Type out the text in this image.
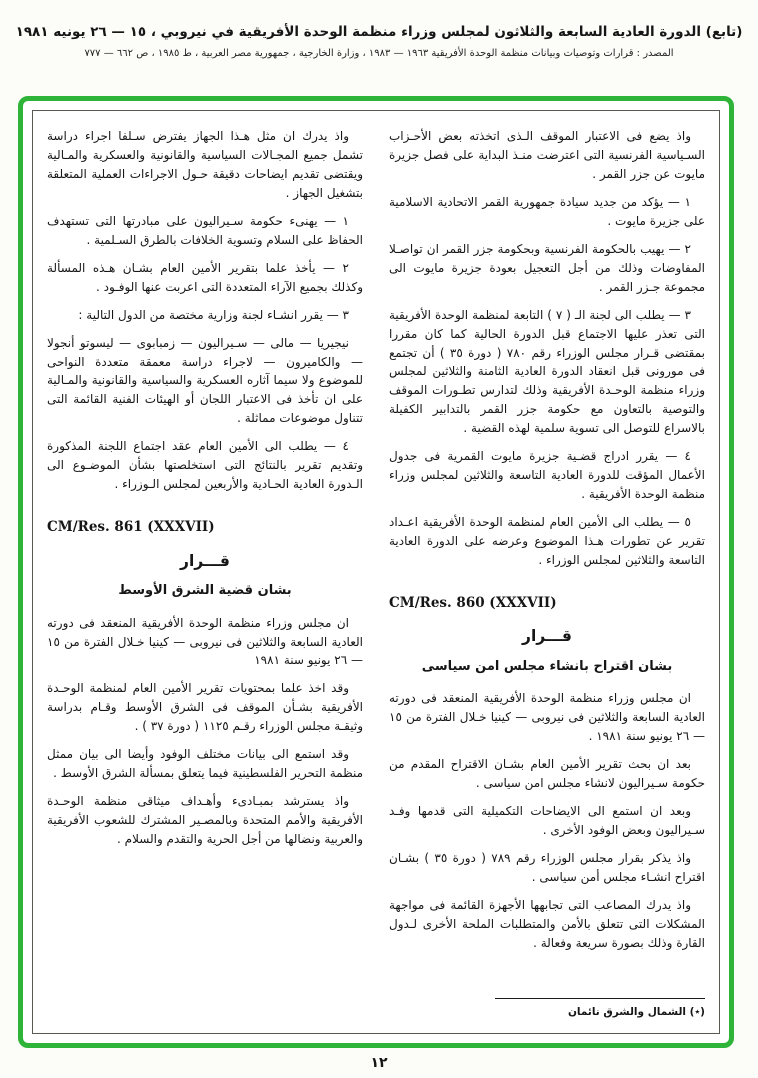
(تابع) الدورة العادية السابعة والثلاثون لمجلس وزراء منظمة الوحدة الأفريقية في نيروبي ، ١٥ — ٢٦ يونيه ١٩٨١
المصدر : قرارات وتوصيات وبيانات منظمة الوحدة الأفريقية ١٩٦٣ — ١٩٨٣ ، وزارة الخارجية ، جمهورية مصر العربية ، ط ١٩٨٥ ، ص ٦٦٢ — ٧٧٧

واذ يضع فى الاعتبار الموقف الـذى اتخذته بعض الأحـزاب السـياسية الفرنسية التى اعترضت منـذ البداية على فصل جزيرة مايوت عن جزر القمر .

١ — يؤكد من جديد سيادة جمهورية القمر الاتحادية الاسلامية على جزيرة مايوت .

٢ — يهيب بالحكومة الفرنسية وبحكومة جزر القمر ان تواصـلا المفاوضات وذلك من أجل التعجيل بعودة جزيرة مايوت الى مجموعة جـزر القمر .

٣ — يطلب الى لجنة الـ ( ٧ ) التابعة لمنظمة الوحدة الأفريقية التى تعذر عليها الاجتماع قبل الدورة الحالية كما كان مقررا بمقتضى قـرار مجلس الوزراء رقم ٧٨٠ ( دورة ٣٥ ) أن تجتمع فى مورونى قبل انعقاد الدورة العادية الثامنة والثلاثين لمجلس وزراء منظمة الوحـدة الأفريقية وذلك لتدارس تطـورات الموقف والتوصية بالتعاون مع حكومة جزر القمر بالتدابير الكفيلة بالاسراع للتوصل الى تسوية سلمية لهذه القضية .

٤ — يقرر ادراج قضـية جزيرة مايوت القمرية فى جدول الأعمال المؤقت للدورة العادية التاسعة والثلاثين لمجلس وزراء منظمة الوحدة الأفريقية .

٥ — يطلب الى الأمين العام لمنظمة الوحدة الأفريقية اعـداد تقرير عن تطورات هـذا الموضوع وعرضه على الدورة العادية التاسعة والثلاثين لمجلس الوزراء .

CM/Res. 860 (XXXVII)
قـــرار
بشان اقتراح بانشاء مجلس امن سياسى

ان مجلس وزراء منظمة الوحدة الأفريقية المنعقد فى دورته العادية السابعة والثلاثين فى نيروبى — كينيا خـلال الفترة من ١٥ — ٢٦ يونيو سنة ١٩٨١ .

بعد ان بحث تقرير الأمين العام بشـان الاقتراح المقدم من حكومة سـيراليون لانشاء مجلس امن سياسى .

وبعد ان استمع الى الايضاحات التكميلية التى قدمها وفـد سـيراليون وبعض الوفود الأخرى .

واذ يذكر بقرار مجلس الوزراء رقم ٧٨٩ ( دورة ٣٥ ) بشـان اقتراح انشـاء مجلس أمن سياسى .

واذ يدرك المصاعب التى تجابهها الأجهزة القائمة فى مواجهة المشكلات التى تتعلق بالأمن والمتطلبات الملحة الأخرى لـدول القارة وذلك بصورة سريعة وفعالة .

(٭) الشمال والشرق نائمان

واذ يدرك ان مثل هـذا الجهاز يفترض سـلفا اجراء دراسة تشمل جميع المجـالات السياسية والقانونية والعسكرية والمـالية ويقتضى تقديم ايضاحات دقيقة حـول الاجراءات العملية المتعلقة بتشغيل الجهاز .

١ — يهنىء حكومة سـيراليون على مبادرتها التى تستهدف الحفاظ على السلام وتسوية الخلافات بالطرق السـلمية .

٢ — يأخذ علما بتقرير الأمين العام بشـان هـذه المسألة وكذلك بجميع الآراء المتعددة التى اعربت عنها الوفـود .

٣ — يقرر انشـاء لجنة وزارية مختصة من الدول التالية :

نيجيريا — مالى — سـيراليون — زمبابوى — ليسوتو أنجولا — والكاميرون — لاجراء دراسة معمقة متعددة النواحى للموضوع ولا سيما آثاره العسكرية والسياسية والقانونية والمـالية على ان تأخذ فى الاعتبار اللجان أو الهيئات الفنية القائمة التى تتناول موضوعات مماثلة .

٤ — يطلب الى الأمين العام عقد اجتماع اللجنة المذكورة وتقديم تقرير بالنتائج التى استخلصتها بشأن الموضـوع الى الـدورة العادية الحـادية والأربعين لمجلس الـوزراء .

CM/Res. 861 (XXXVII)
قـــرار
بشان قضية الشرق الأوسط

ان مجلس وزراء منظمة الوحدة الأفريقية المنعقد فى دورته العادية السابعة والثلاثين فى نيروبى — كينيا خـلال الفترة من ١٥ — ٢٦ يونيو سنة ١٩٨١

وقد اخذ علما بمحتويات تقرير الأمين العام لمنظمة الوحـدة الأفريقية بشـأن الموقف فى الشرق الأوسط وقـام بدراسة وثيقـة مجلس الوزراء رقـم ١١٢٥ ( دورة ٣٧ ) .

وقد استمع الى بيانات مختلف الوفود وأيضا الى بيان ممثل منظمة التحرير الفلسطينية فيما يتعلق بمسألة الشرق الأوسط .

واذ يسترشد بمبـادىء وأهـداف ميثاقى منظمة الوحـدة الأفريقية والأمم المتحدة وبالمصـير المشترك للشعوب الأفريقية والعربية ونضالها من أجل الحرية والتقدم والسلام .

١٢
